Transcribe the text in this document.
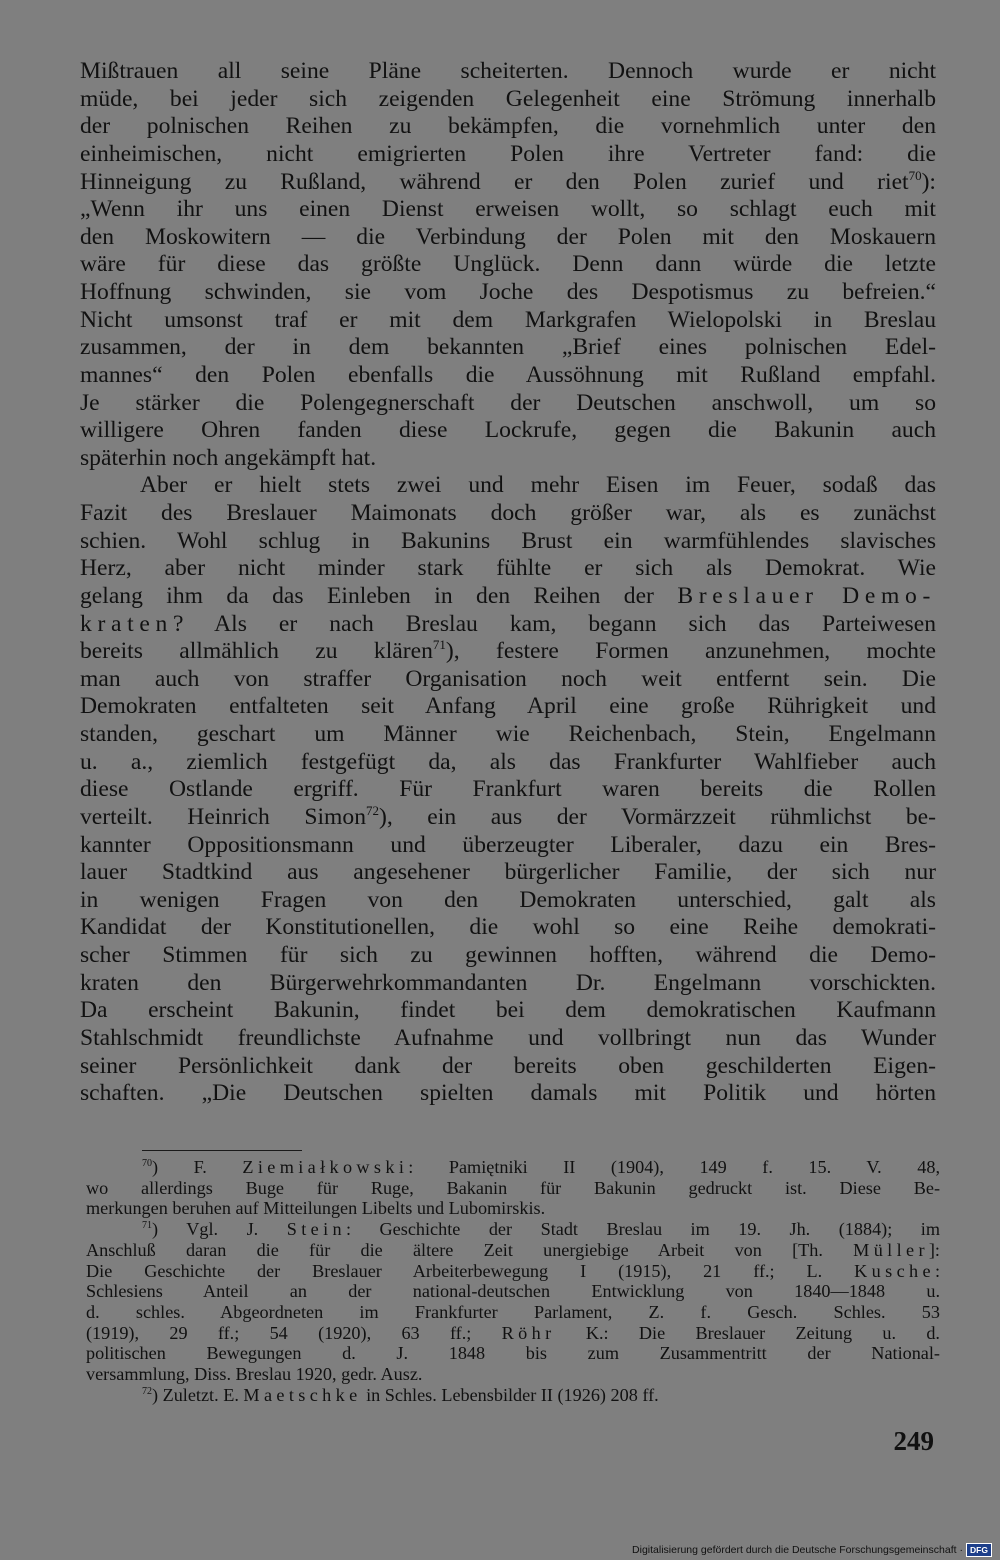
Mißtrauen all seine Pläne scheiterten. Dennoch wurde er nicht
müde, bei jeder sich zeigenden Gelegenheit eine Strömung innerhalb
der polnischen Reihen zu bekämpfen, die vornehmlich unter den
einheimischen, nicht emigrierten Polen ihre Vertreter fand: die
Hinneigung zu Rußland, während er den Polen zurief und riet$^{70}$):
„Wenn ihr uns einen Dienst erweisen wollt, so schlagt euch mit
den Moskowitern — die Verbindung der Polen mit den Moskauern
wäre für diese das größte Unglück. Denn dann würde die letzte
Hoffnung schwinden, sie vom Joche des Despotismus zu befreien.“
Nicht umsonst traf er mit dem Markgrafen Wielopolski in Breslau
zusammen, der in dem bekannten „Brief eines polnischen Edel-
mannes“ den Polen ebenfalls die Aussöhnung mit Rußland empfahl.
Je stärker die Polengegnerschaft der Deutschen anschwoll, um so
willigere Ohren fanden diese Lockrufe, gegen die Bakunin auch
späterhin noch angekämpft hat.
Aber er hielt stets zwei und mehr Eisen im Feuer, sodaß das
Fazit des Breslauer Maimonats doch größer war, als es zunächst
schien. Wohl schlug in Bakunins Brust ein warmfühlendes slavisches
Herz, aber nicht minder stark fühlte er sich als Demokrat. Wie
gelang ihm da das Einleben in den Reihen der Breslauer Demo-
kraten? Als er nach Breslau kam, begann sich das Parteiwesen
bereits allmählich zu klären$^{71}$), festere Formen anzunehmen, mochte
man auch von straffer Organisation noch weit entfernt sein. Die
Demokraten entfalteten seit Anfang April eine große Rührigkeit und
standen, geschart um Männer wie Reichenbach, Stein, Engelmann
u. a., ziemlich festgefügt da, als das Frankfurter Wahlfieber auch
diese Ostlande ergriff. Für Frankfurt waren bereits die Rollen
verteilt. Heinrich Simon$^{72}$), ein aus der Vormärzzeit rühmlichst be-
kannter Oppositionsmann und überzeugter Liberaler, dazu ein Bres-
lauer Stadtkind aus angesehener bürgerlicher Familie, der sich nur
in wenigen Fragen von den Demokraten unterschied, galt als
Kandidat der Konstitutionellen, die wohl so eine Reihe demokrati-
scher Stimmen für sich zu gewinnen hofften, während die Demo-
kraten den Bürgerwehrkommandanten Dr. Engelmann vorschickten.
Da erscheint Bakunin, findet bei dem demokratischen Kaufmann
Stahlschmidt freundlichste Aufnahme und vollbringt nun das Wunder
seiner Persönlichkeit dank der bereits oben geschilderten Eigen-
schaften. „Die Deutschen spielten damals mit Politik und hörten
$^{70}$) F. Ziemiałkowski: Pamiętniki II (1904), 149 f. 15. V. 48,
wo allerdings Buge für Ruge, Bakanin für Bakunin gedruckt ist. Diese Be-
merkungen beruhen auf Mitteilungen Libelts und Lubomirskis.
$^{71}$) Vgl. J. Stein: Geschichte der Stadt Breslau im 19. Jh. (1884); im
Anschluß daran die für die ältere Zeit unergiebige Arbeit von [Th. Müller]:
Die Geschichte der Breslauer Arbeiterbewegung I (1915), 21 ff.; L. Kusche:
Schlesiens Anteil an der national-deutschen Entwicklung von 1840—1848 u.
d. schles. Abgeordneten im Frankfurter Parlament, Z. f. Gesch. Schles. 53
(1919), 29 ff.; 54 (1920), 63 ff.; Röhr K.: Die Breslauer Zeitung u. d.
politischen Bewegungen d. J. 1848 bis zum Zusammentritt der National-
versammlung, Diss. Breslau 1920, gedr. Ausz.
$^{72}$) Zuletzt. E. Maetschke in Schles. Lebensbilder II (1926) 208 ff.
249
Digitalisierung gefördert durch die Deutsche Forschungsgemeinschaft · DFG
